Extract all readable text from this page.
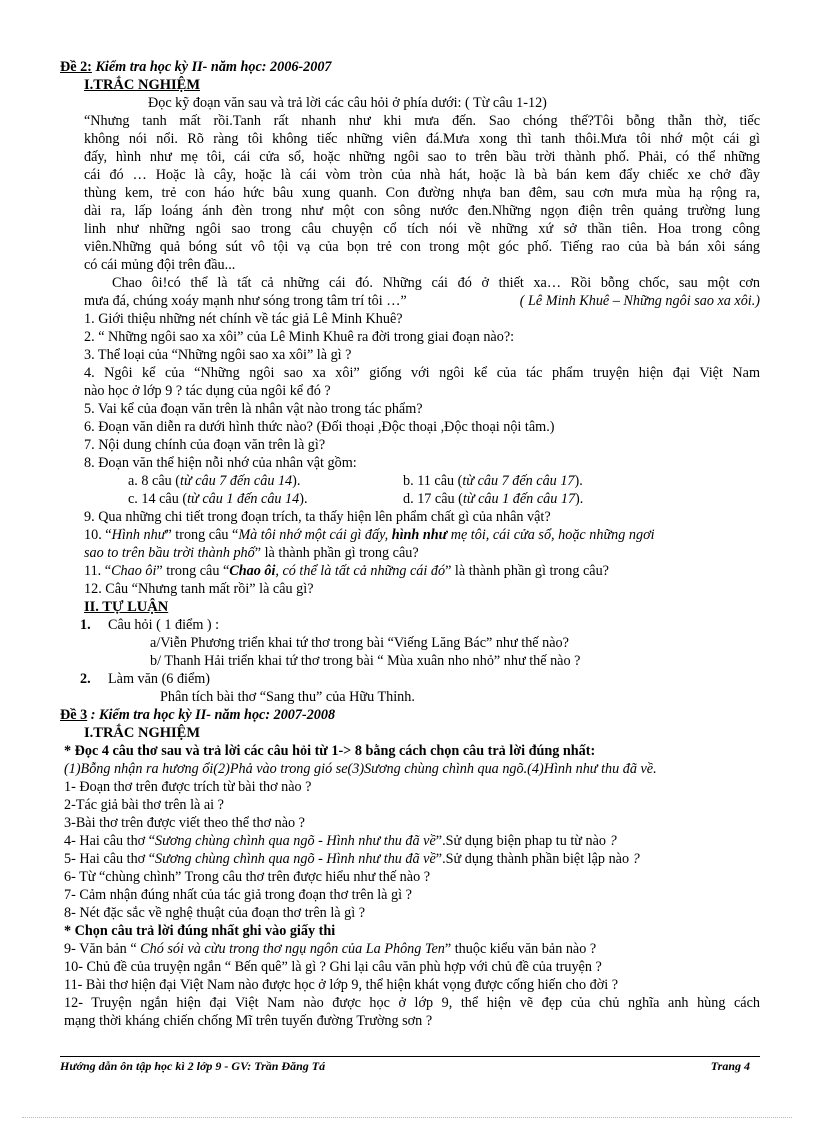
Đề 2: Kiểm tra học kỳ II- năm học: 2006-2007
I.TRẮC NGHIỆM
Đọc kỹ đoạn văn sau và trả lời các câu hỏi ở phía dưới: ( Từ câu 1-12)
“Nhưng tanh mất rồi.Tanh rất nhanh như khi mưa đến. Sao chóng thế?Tôi bỗng thẫn thờ, tiếc
không nói nổi. Rõ ràng tôi không tiếc những viên đá.Mưa xong thì tanh thôi.Mưa tôi nhớ một cái gì
đấy, hình như mẹ tôi, cái cửa sổ, hoặc những ngôi sao to trên bầu trời thành phố. Phải, có thể những
cái đó … Hoặc là cây, hoặc là cái vòm tròn của nhà hát, hoặc là bà bán kem đẩy chiếc xe chở đầy
thùng kem, trẻ con háo hức bâu xung quanh. Con đường nhựa ban đêm, sau cơn mưa mùa hạ rộng ra,
dài ra, lấp loáng ánh đèn trong như một con sông nước đen.Những ngọn điện trên quảng trường lung
linh như những ngôi sao trong câu chuyện cổ tích nói về những xứ sở thần tiên. Hoa trong công
viên.Những quả bóng sút vô tội vạ của bọn trẻ con trong một góc phố. Tiếng rao của bà bán xôi sáng
có cái mủng đội trên đầu...
Chao ôi!có thể là tất cả những cái đó. Những cái đó ở thiết xa… Rồi bỗng chốc, sau một cơn
mưa đá, chúng xoáy mạnh như sóng trong tâm trí tôi …”	( Lê Minh Khuê – Những ngôi sao xa xôi.)
1. Giới thiệu những nét chính về tác giả Lê Minh Khuê?
2. “ Những ngôi sao xa xôi” của Lê Minh Khuê ra đời trong giai đoạn nào?:
3. Thể loại của “Những ngôi sao xa xôi” là gì ?
4. Ngôi kể của “Những ngôi sao xa xôi” giống với ngôi kể của tác phẩm truyện hiện đại Việt Nam
nào học ở lớp 9 ? tác dụng của ngôi kể đó ?
5. Vai kể của đoạn văn trên là nhân vật nào trong tác phẩm?
6. Đoạn văn diễn ra dưới hình thức nào? (Đối thoại ,Độc thoại ,Độc thoại nội tâm.)
7. Nội dung chính của đoạn văn trên là gì?
8. Đoạn văn thể hiện nỗi nhớ của nhân vật gồm:
a. 8 câu (từ câu 7 đến câu 14).	b. 11 câu (từ câu 7 đến câu 17).
c. 14 câu (từ câu 1 đến câu 14).	d. 17 câu (từ câu 1 đến câu 17).
9. Qua những chi tiết trong đoạn trích, ta thấy hiện lên phẩm chất gì của nhân vật?
10. “Hình như” trong câu “Mà tôi nhớ một cái gì đấy, hình như mẹ tôi, cái cửa sổ, hoặc những ngơi
sao to trên bầu trời thành phố” là thành phần gì trong câu?
11. “Chao ôi” trong câu “Chao ôi, có thể là tất cả những cái đó” là thành phần gì trong câu?
12. Câu “Nhưng tanh mất rồi” là câu gì?
II. TỰ LUẬN
1. Câu hỏi ( 1 điểm ) :
a/Viễn Phương triển khai tứ thơ trong bài “Viếng Lăng Bác” như thế nào?
b/ Thanh Hải triển khai tứ thơ trong bài “ Mùa xuân nho nhỏ” như thế nào ?
2. Làm văn (6 điểm)
Phân tích bài thơ “Sang thu” của Hữu Thỉnh.
Đề 3 : Kiểm tra học kỳ II- năm học: 2007-2008
I.TRẮC NGHIỆM
* Đọc 4 câu thơ sau và trả lời các câu hỏi từ 1-> 8 bằng cách chọn câu trả lời đúng nhất:
(1)Bỗng nhận ra hương ổi(2)Phả vào trong gió se(3)Sương chùng chình qua ngõ.(4)Hình như thu đã về.
1- Đoạn thơ trên được trích từ bài thơ nào ?
2-Tác giả bài thơ trên là ai ?
3-Bài thơ trên được viết theo thể thơ nào ?
4- Hai câu thơ “Sương chùng chình qua ngõ - Hình như thu đã về”.Sử dụng biện phap tu từ nào ?
5- Hai câu thơ “Sương chùng chình qua ngõ - Hình như thu đã về”.Sử dụng thành phần biệt lập nào ?
6- Từ “chùng chình” Trong câu thơ trên được hiểu như thế nào ?
7- Cảm nhận đúng nhất của tác giả trong đoạn thơ trên là gì ?
8- Nét đặc sắc về nghệ thuật của đoạn thơ trên là gì ?
* Chọn câu trả lời đúng nhất ghi vào giấy thi
9- Văn bản “ Chó sói và cừu trong thơ ngụ ngôn của La Phông Ten” thuộc kiểu văn bản nào ?
10- Chủ đề của truyện ngắn “ Bến quê” là gì ? Ghi lại câu văn phù hợp với chủ đề của truyện ?
11- Bài thơ hiện đại Việt Nam nào được học ở lớp 9, thể hiện khát vọng được cống hiến cho đời ?
12- Truyện ngắn hiện đại Việt Nam nào được học ở lớp 9, thể hiện vẽ đẹp của chủ nghĩa anh hùng cách
mạng thời kháng chiến chống Mĩ trên tuyến đường Trường sơn ?
Hướng dẫn ôn tập học kì 2 lớp 9 - GV: Trần Đăng Tá	Trang 4
